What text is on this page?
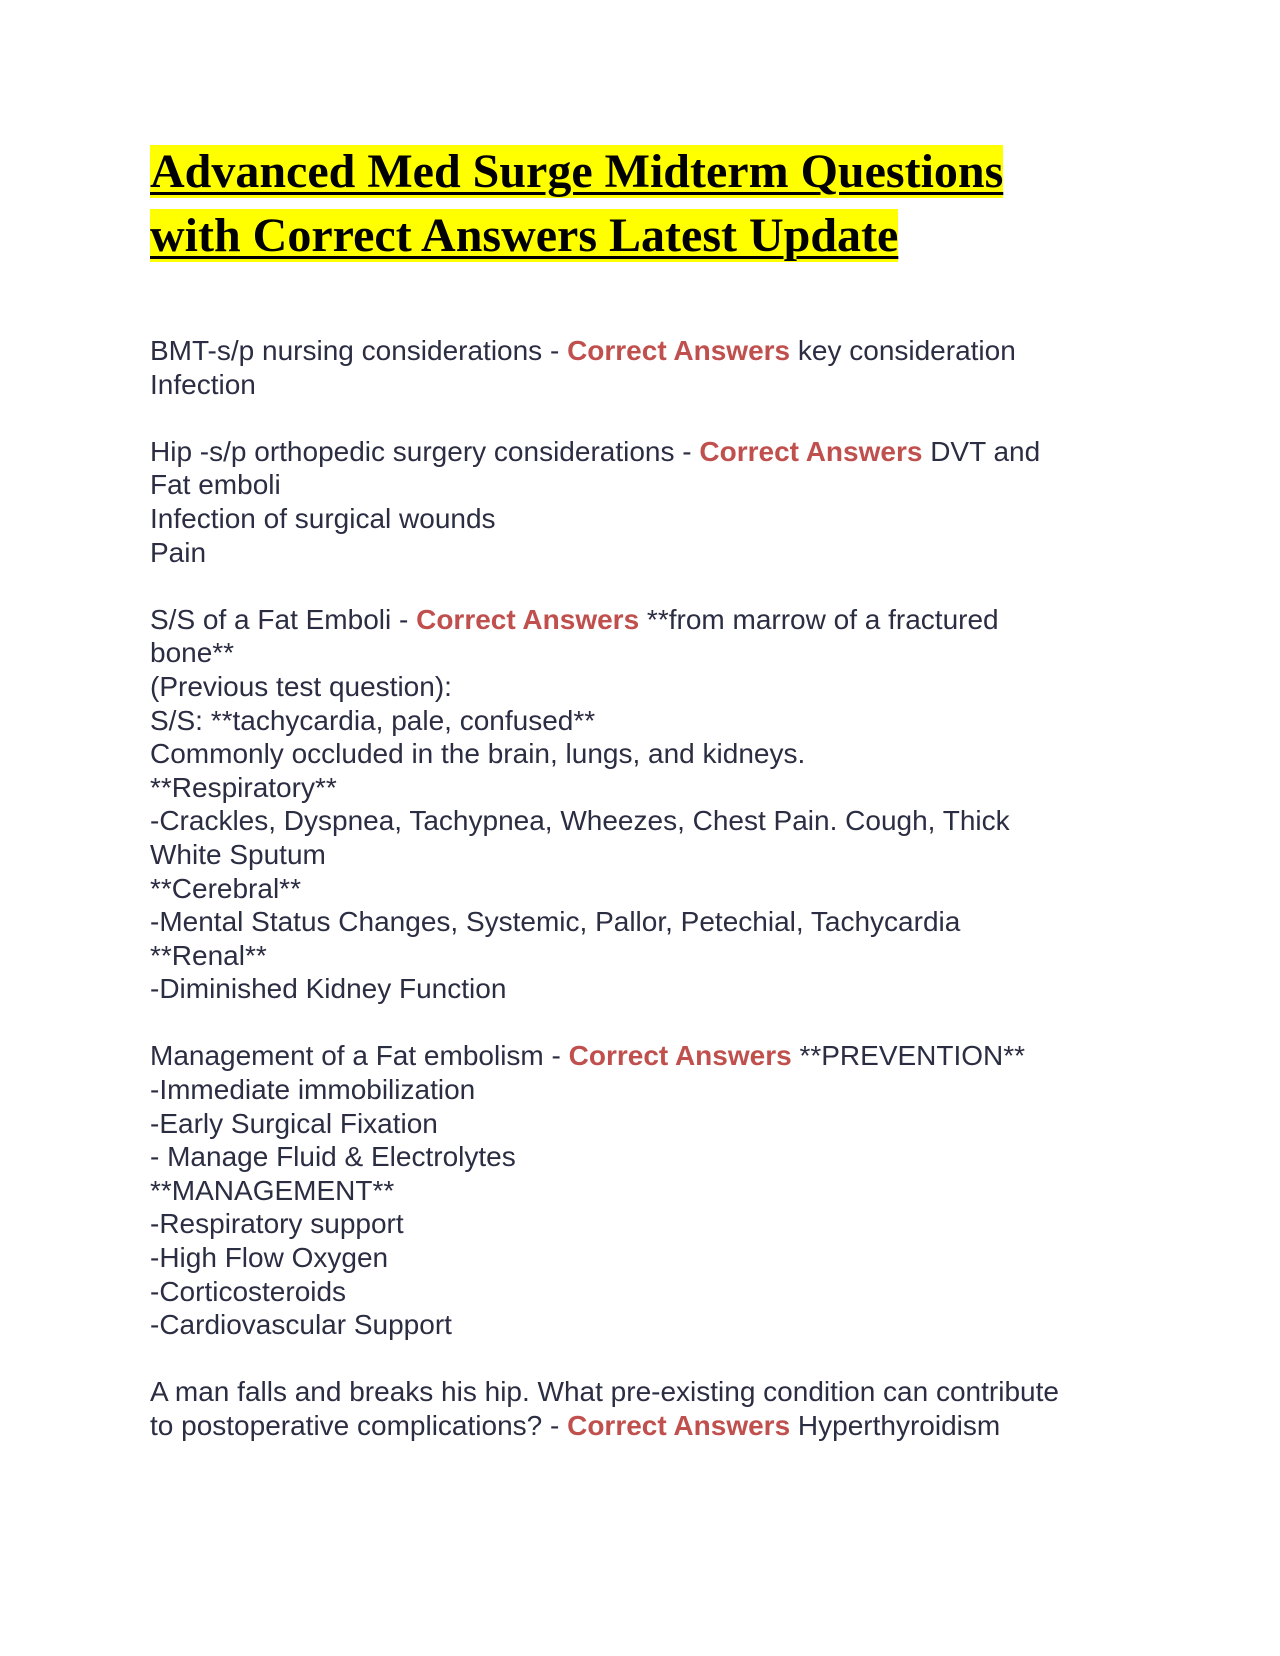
Advanced Med Surge Midterm Questions
with Correct Answers Latest Update

BMT-s/p nursing considerations - Correct Answers key consideration
Infection

Hip -s/p orthopedic surgery considerations - Correct Answers DVT and
Fat emboli
Infection of surgical wounds
Pain

S/S of a Fat Emboli - Correct Answers **from marrow of a fractured
bone**
(Previous test question):
S/S: **tachycardia, pale, confused**
Commonly occluded in the brain, lungs, and kidneys.
**Respiratory**
-Crackles, Dyspnea, Tachypnea, Wheezes, Chest Pain. Cough, Thick
White Sputum
**Cerebral**
-Mental Status Changes, Systemic, Pallor, Petechial, Tachycardia
**Renal**
-Diminished Kidney Function

Management of a Fat embolism - Correct Answers **PREVENTION**
-Immediate immobilization
-Early Surgical Fixation
- Manage Fluid & Electrolytes
**MANAGEMENT**
-Respiratory support
-High Flow Oxygen
-Corticosteroids
-Cardiovascular Support

A man falls and breaks his hip. What pre-existing condition can contribute
to postoperative complications? - Correct Answers Hyperthyroidism
